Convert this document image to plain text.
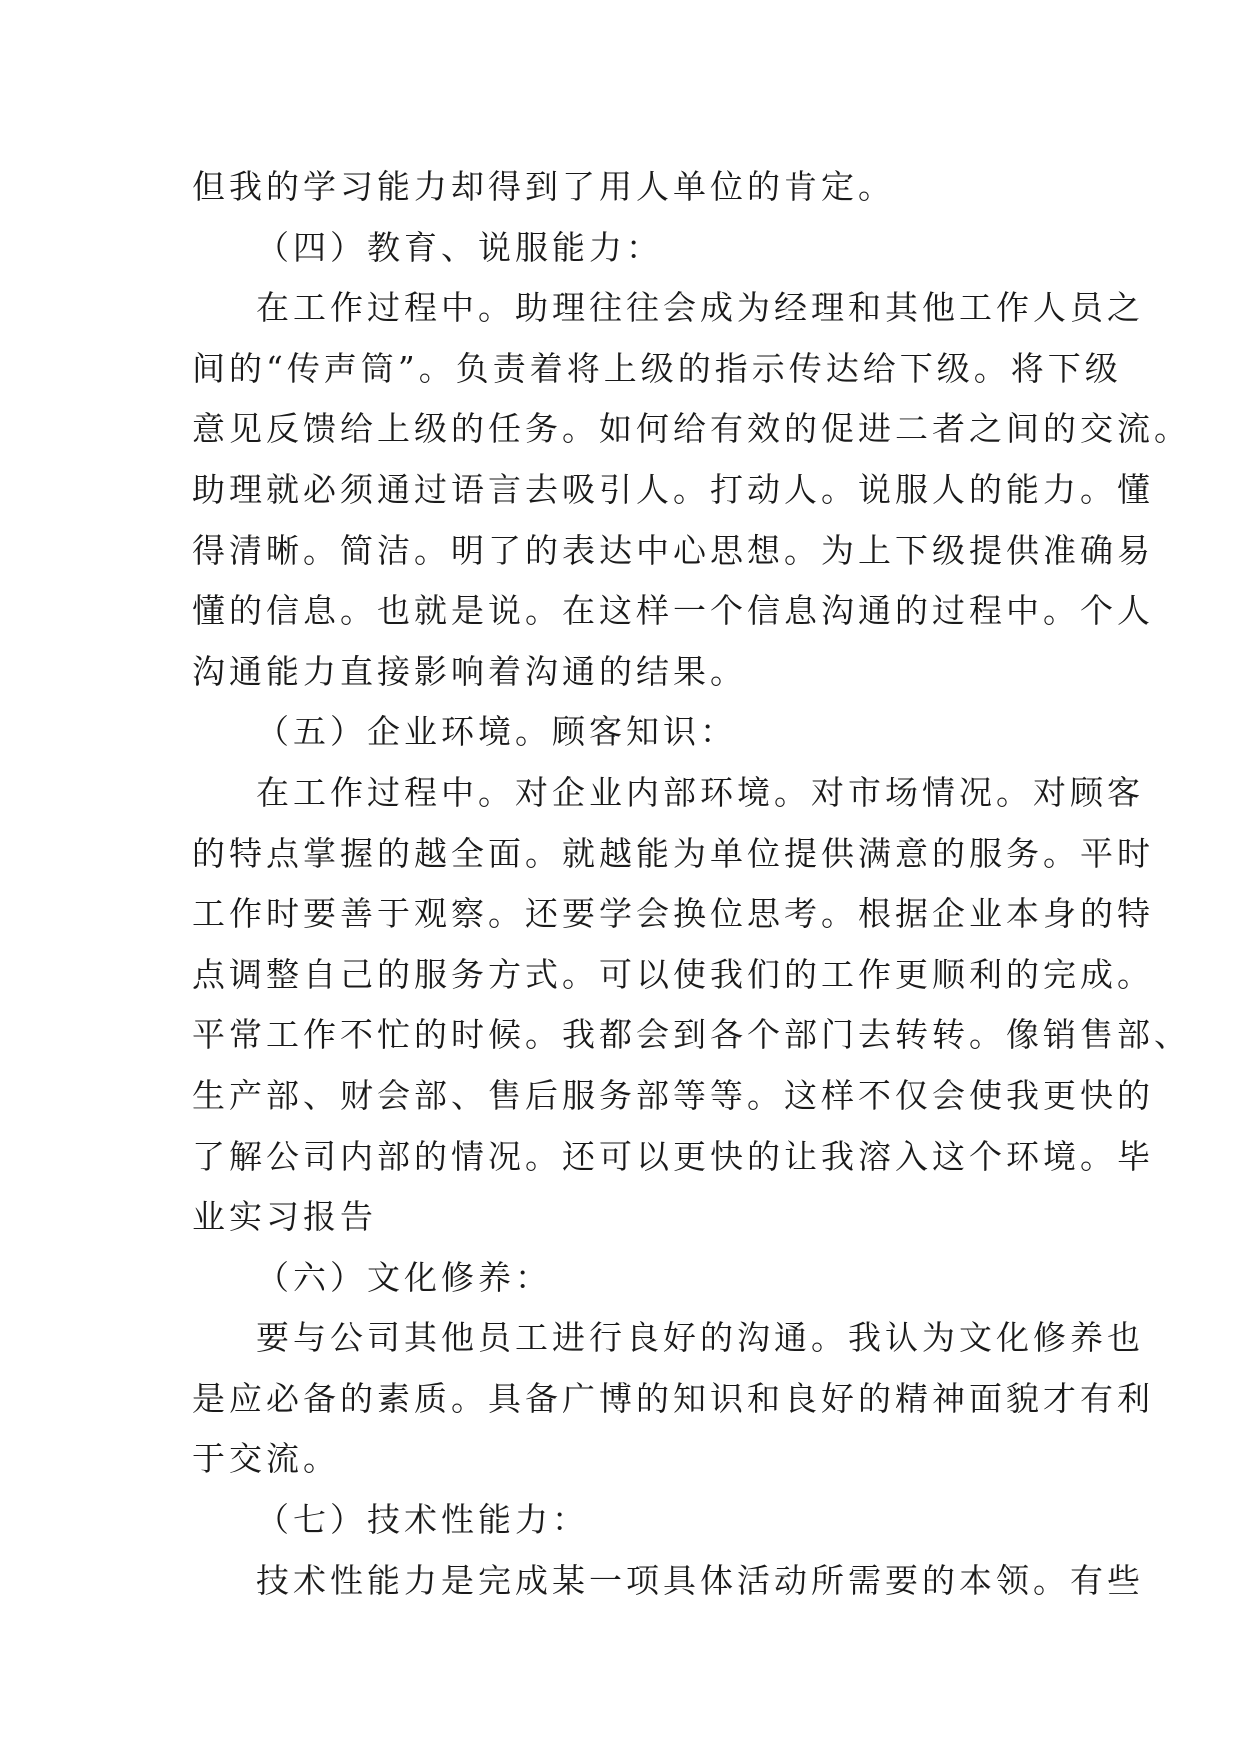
但我的学习能力却得到了用人单位的肯定。
（四）教育、说服能力：
在工作过程中。助理往往会成为经理和其他工作人员之
间的“传声筒”。负责着将上级的指示传达给下级。将下级
意见反馈给上级的任务。如何给有效的促进二者之间的交流。
助理就必须通过语言去吸引人。打动人。说服人的能力。懂
得清晰。简洁。明了的表达中心思想。为上下级提供准确易
懂的信息。也就是说。在这样一个信息沟通的过程中。个人
沟通能力直接影响着沟通的结果。
（五）企业环境。顾客知识：
在工作过程中。对企业内部环境。对市场情况。对顾客
的特点掌握的越全面。就越能为单位提供满意的服务。平时
工作时要善于观察。还要学会换位思考。根据企业本身的特
点调整自己的服务方式。可以使我们的工作更顺利的完成。
平常工作不忙的时候。我都会到各个部门去转转。像销售部、
生产部、财会部、售后服务部等等。这样不仅会使我更快的
了解公司内部的情况。还可以更快的让我溶入这个环境。毕
业实习报告
（六）文化修养：
要与公司其他员工进行良好的沟通。我认为文化修养也
是应必备的素质。具备广博的知识和良好的精神面貌才有利
于交流。
（七）技术性能力：
技术性能力是完成某一项具体活动所需要的本领。有些
